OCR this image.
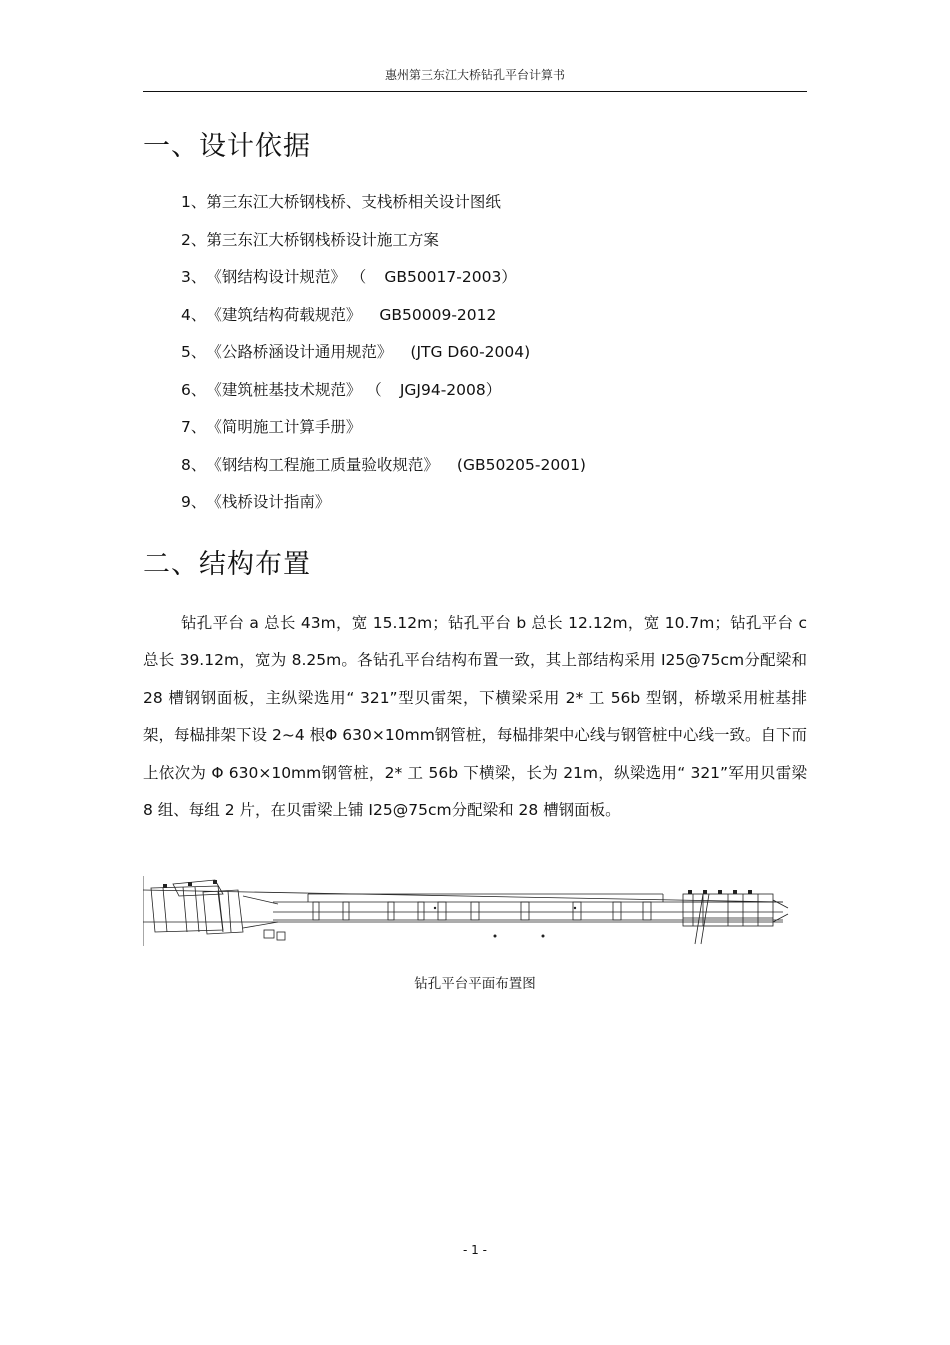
惠州第三东江大桥钻孔平台计算书
一、设计依据
1、第三东江大桥钢栈桥、支栈桥相关设计图纸
2、第三东江大桥钢栈桥设计施工方案
3、《钢结构设计规范》 （ GB50017-2003）
4、《建筑结构荷载规范》 GB50009-2012
5、《公路桥涵设计通用规范》 (JTG D60-2004)
6、《建筑桩基技术规范》 （ JGJ94-2008）
7、《简明施工计算手册》
8、《钢结构工程施工质量验收规范》 (GB50205-2001)
9、《栈桥设计指南》
二、结构布置

钻孔平台 a 总长 43m，宽 15.12m；钻孔平台 b 总长 12.12m，宽 10.7m；钻孔平台 c 总长 39.12m，宽为 8.25m。各钻孔平台结构布置一致，其上部结构采用 I25@75cm分配梁和 28 槽钢钢面板，主纵梁选用“ 321”型贝雷架，下横梁采用 2* 工 56b 型钢，桥墩采用桩基排架，每榀排架下设 2~4 根Φ 630×10mm钢管桩，每榀排架中心线与钢管桩中心线一致。自下而上依次为 Φ 630×10mm钢管桩，2* 工 56b 下横梁，长为 21m，纵梁选用“ 321”军用贝雷梁 8 组、每组 2 片，在贝雷梁上铺 I25@75cm分配梁和 28 槽钢面板。

钻孔平台平面布置图
- 1 -
